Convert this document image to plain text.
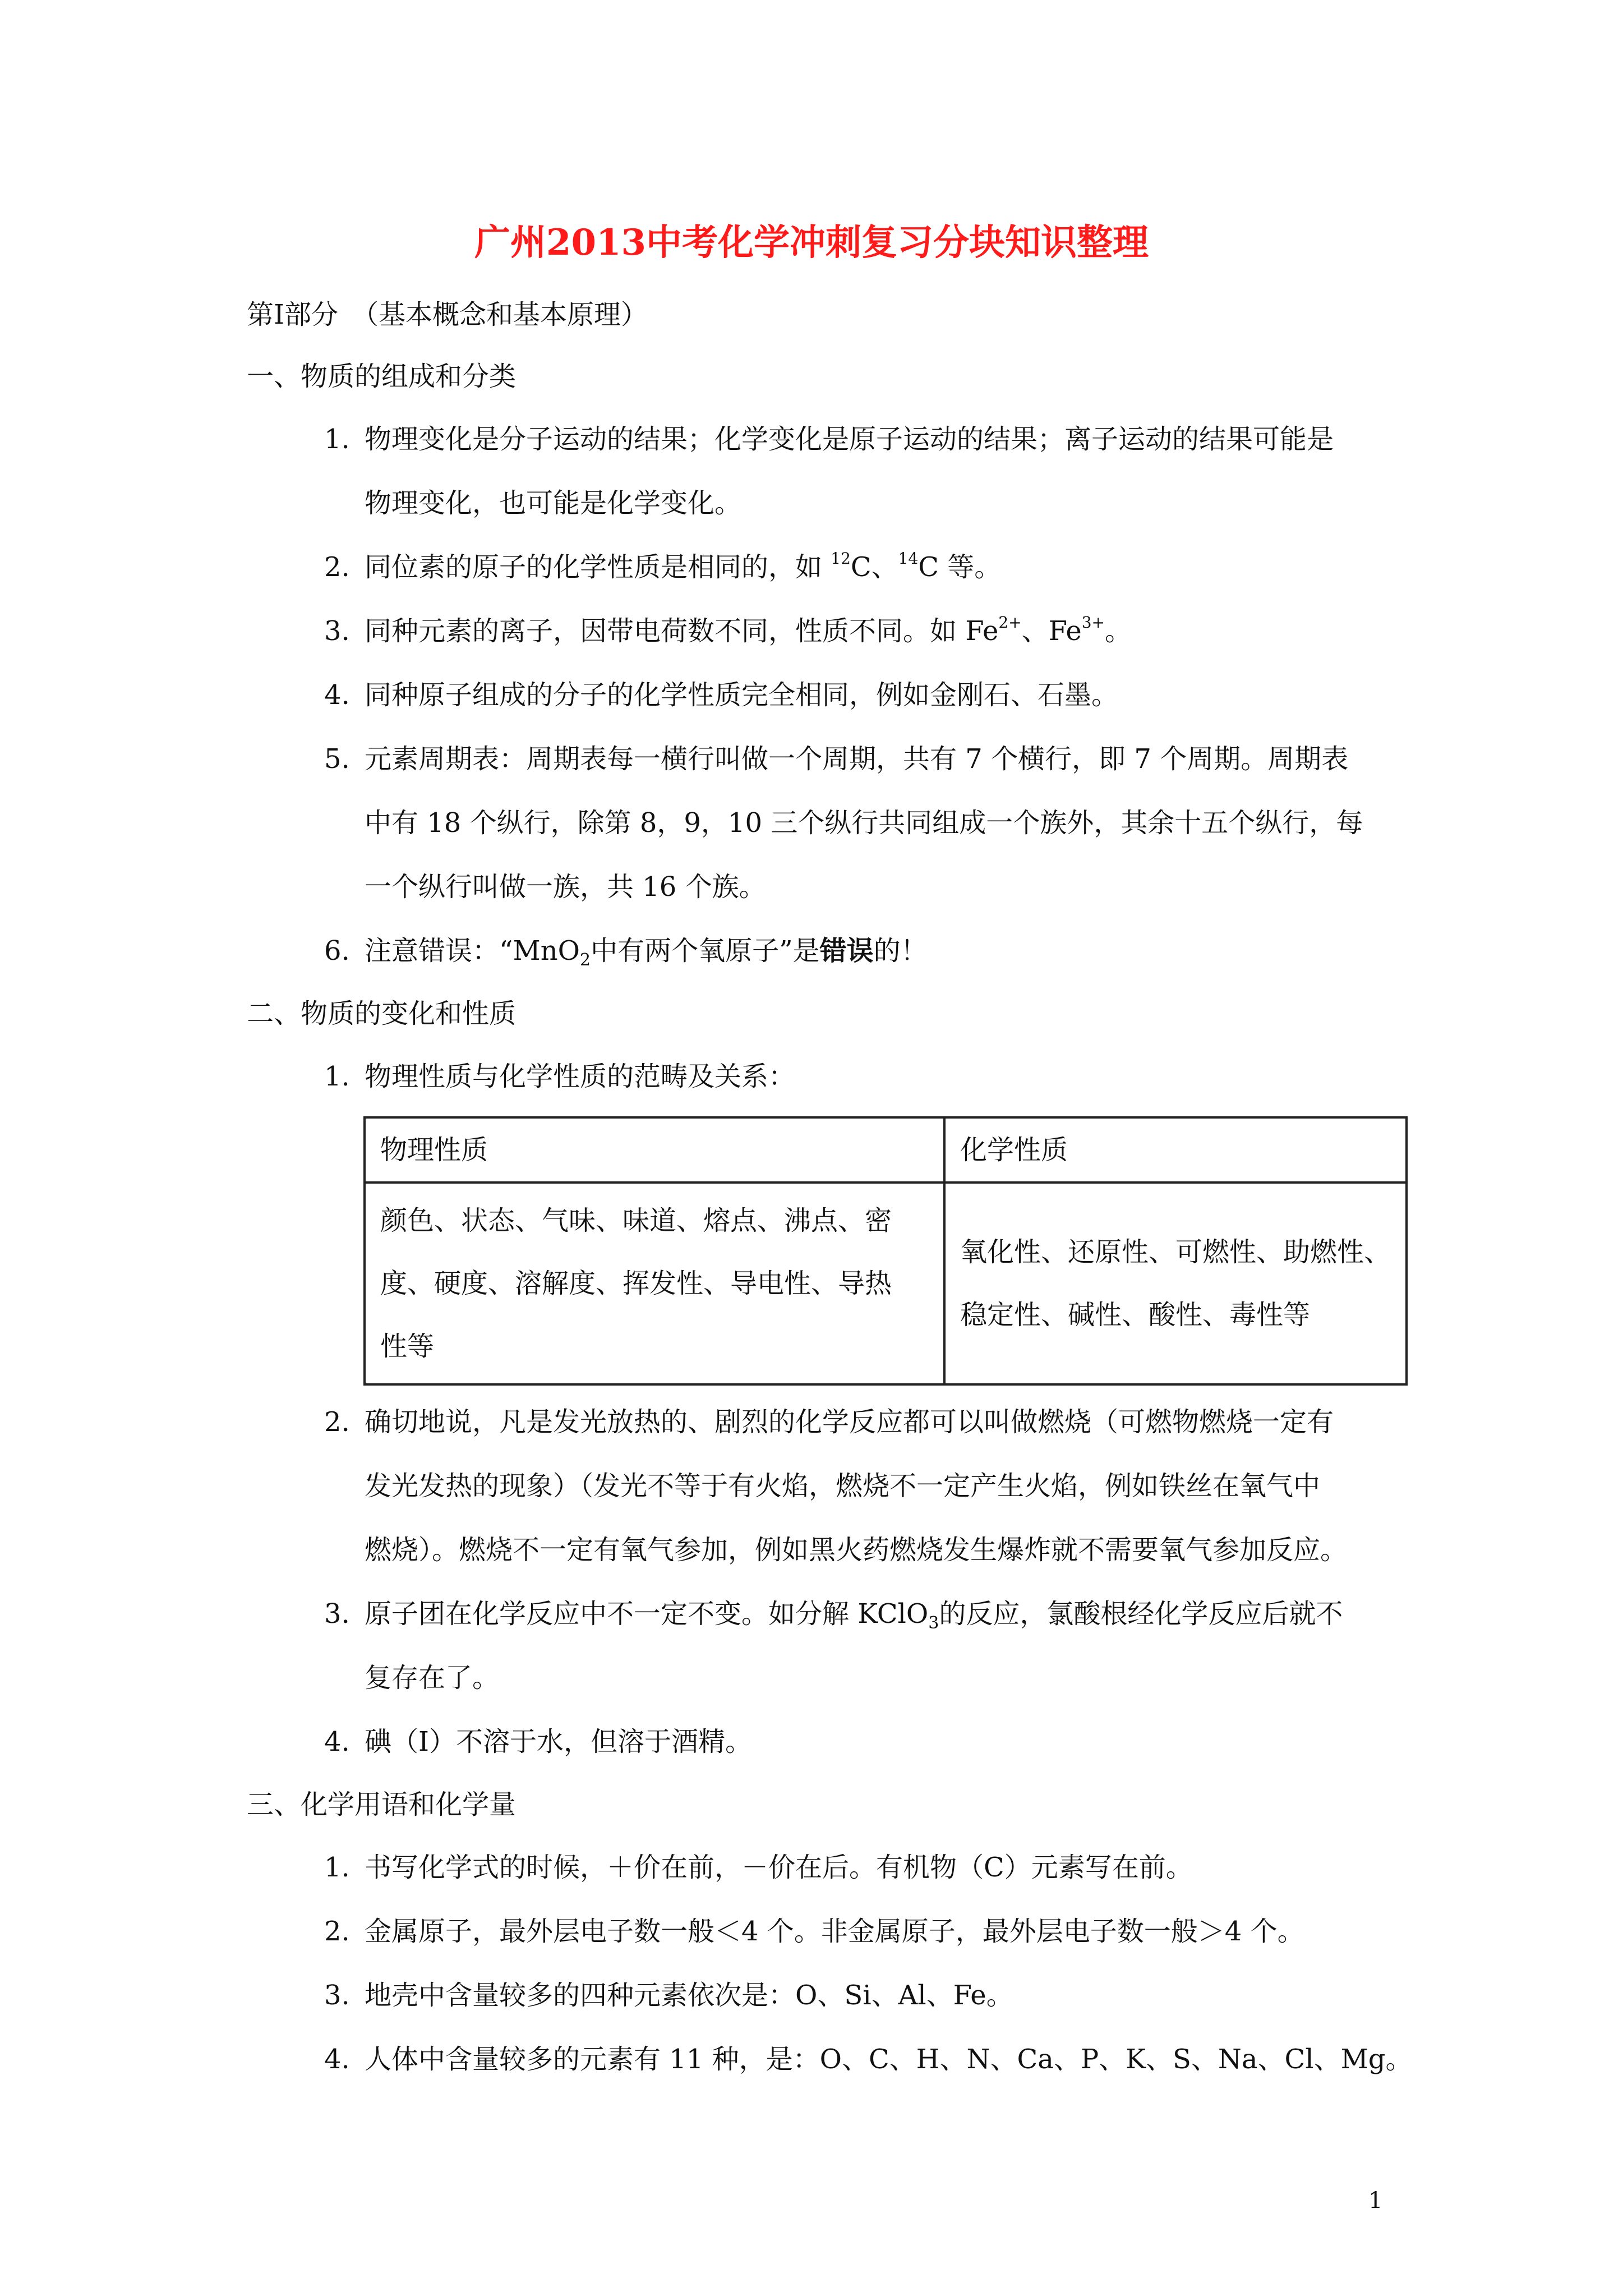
广州2013中考化学冲刺复习分块知识整理
第Ⅰ部分　（基本概念和基本原理）
一、物质的组成和分类
1. 物理变化是分子运动的结果；化学变化是原子运动的结果；离子运动的结果可能是
物理变化，也可能是化学变化。
2. 同位素的原子的化学性质是相同的，如 $^{12}$C、$^{14}$C 等。
3. 同种元素的离子，因带电荷数不同，性质不同。如 $Fe^{2+}$、$Fe^{3+}$。
4. 同种原子组成的分子的化学性质完全相同，例如金刚石、石墨。
5. 元素周期表：周期表每一横行叫做一个周期，共有 7 个横行，即 7 个周期。周期表
中有 18 个纵行，除第 8，9，10 三个纵行共同组成一个族外，其余十五个纵行，每
一个纵行叫做一族，共 16 个族。
6. 注意错误：“MnO$_2$中有两个氧原子”是错误的！
二、物质的变化和性质
1. 物理性质与化学性质的范畴及关系：
物理性质	化学性质

颜色、状态、气味、味道、熔点、沸点、密
度、硬度、溶解度、挥发性、导电性、导热
性等	氧化性、还原性、可燃性、助燃性、
稳定性、碱性、酸性、毒性等
2. 确切地说，凡是发光放热的、剧烈的化学反应都可以叫做燃烧（可燃物燃烧一定有
发光发热的现象）（发光不等于有火焰，燃烧不一定产生火焰，例如铁丝在氧气中
燃烧）。燃烧不一定有氧气参加，例如黑火药燃烧发生爆炸就不需要氧气参加反应。
3. 原子团在化学反应中不一定不变。如分解 KClO$_3$的反应，氯酸根经化学反应后就不
复存在了。
4. 碘（I）不溶于水，但溶于酒精。
三、化学用语和化学量
1. 书写化学式的时候，＋价在前，－价在后。有机物（C）元素写在前。
2. 金属原子，最外层电子数一般＜4 个。非金属原子，最外层电子数一般＞4 个。
3. 地壳中含量较多的四种元素依次是：O、Si、Al、Fe。
4. 人体中含量较多的元素有 11 种，是：O、C、H、N、Ca、P、K、S、Na、Cl、Mg。
1
